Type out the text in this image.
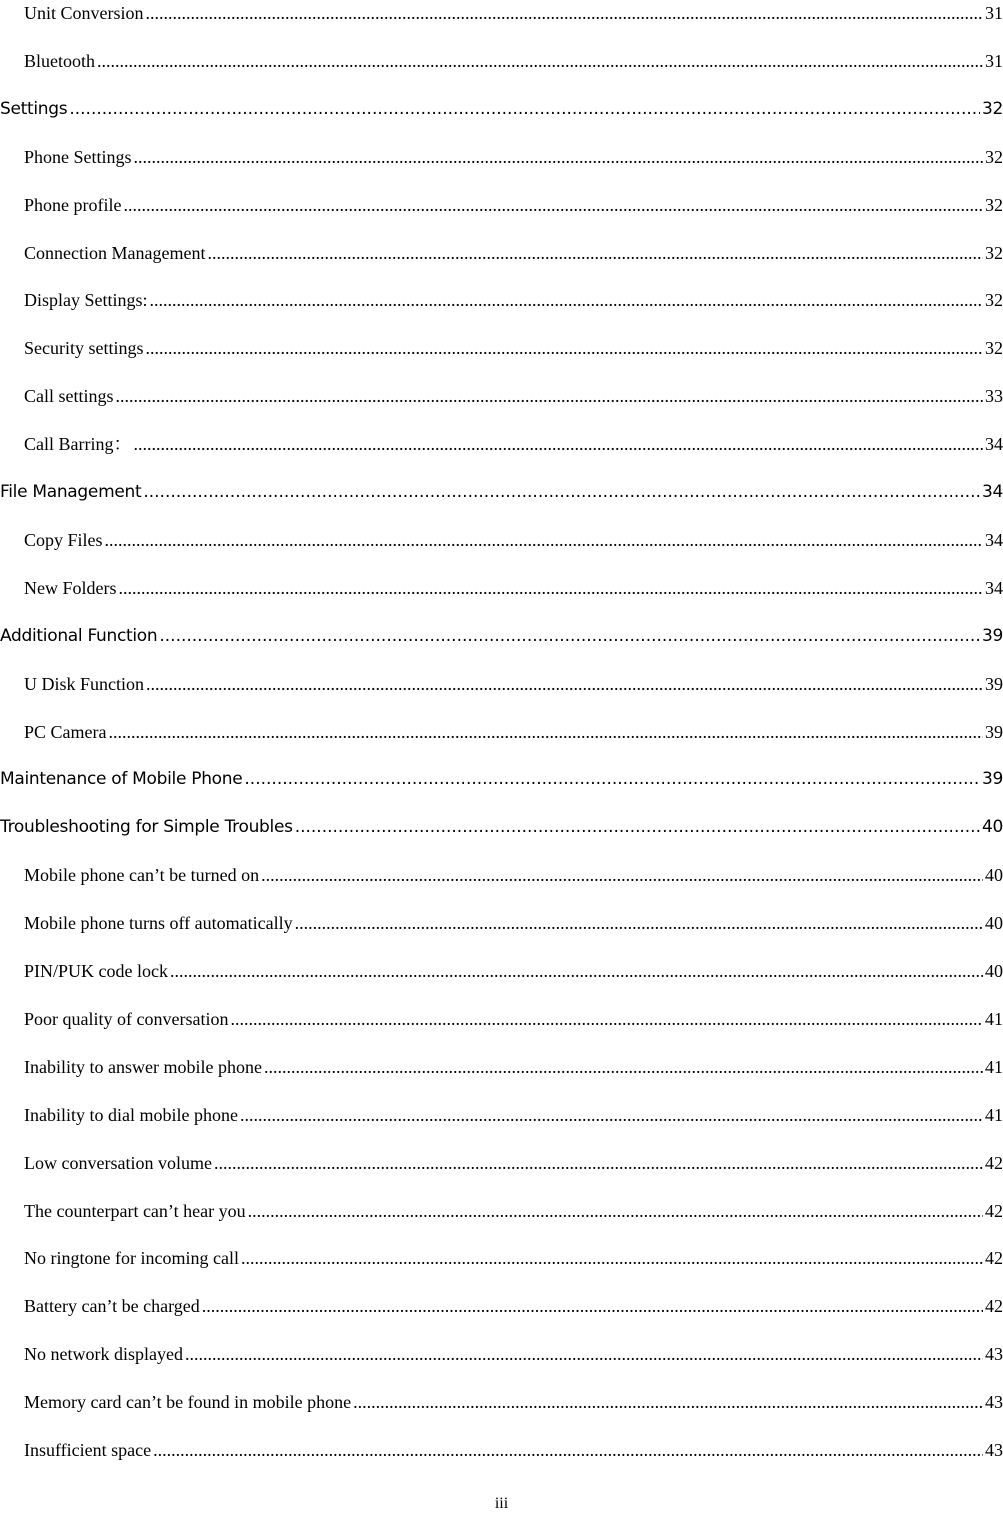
Unit Conversion .....	31
Bluetooth .....	31
Settings .....	32
Phone Settings .....	32
Phone profile .....	32
Connection Management .....	32
Display Settings: .....	32
Security settings .....	32
Call settings .....	33
Call Barring： .....	34
File Management .....	34
Copy Files .....	34
New Folders .....	34
Additional Function .....	39
U Disk Function .....	39
PC Camera .....	39
Maintenance of Mobile Phone .....	39
Troubleshooting for Simple Troubles .....	40
Mobile phone can’t be turned on .....	40
Mobile phone turns off automatically .....	40
PIN/PUK code lock .....	40
Poor quality of conversation .....	41
Inability to answer mobile phone .....	41
Inability to dial mobile phone .....	41
Low conversation volume .....	42
The counterpart can’t hear you .....	42
No ringtone for incoming call .....	42
Battery can’t be charged .....	42
No network displayed .....	43
Memory card can’t be found in mobile phone .....	43
Insufficient space .....	43
iii
